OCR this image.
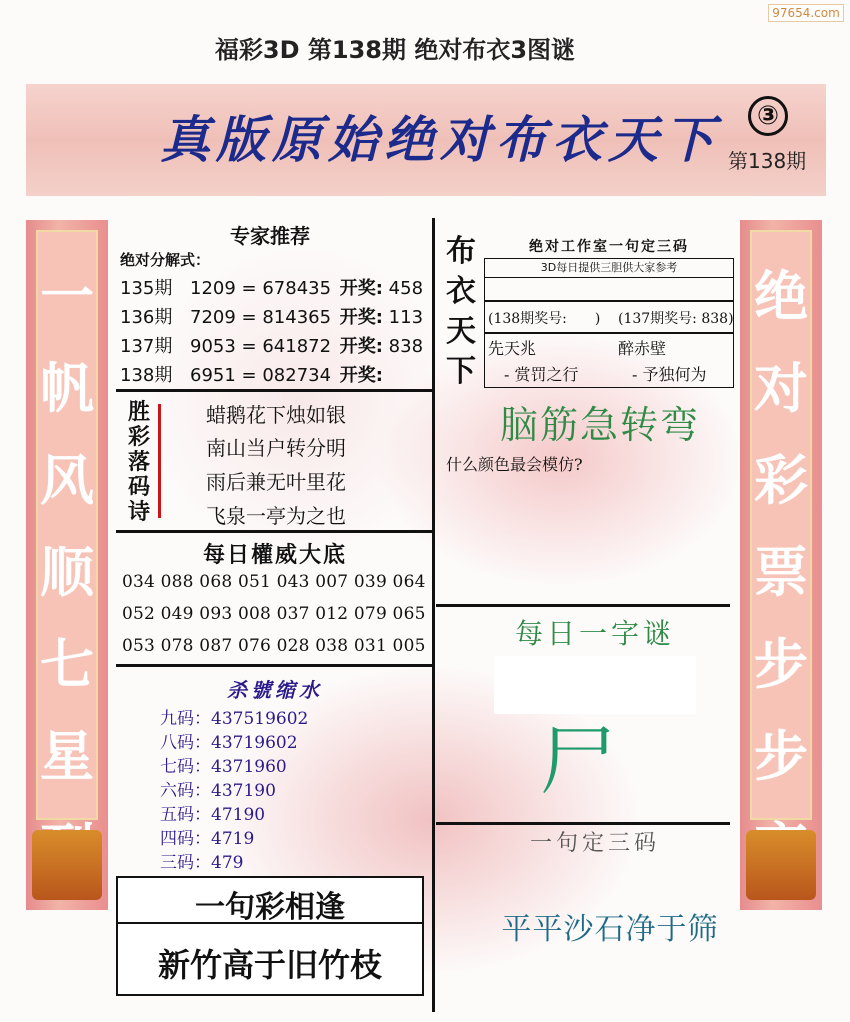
97654.com
福彩3D 第138期 绝对布衣3图谜
真版原始绝对布衣天下	③
第138期
一
帆
风
顺
七
星
绝
对
彩
票
步
步
专家推荐
绝对分解式：
135期 1209 = 678435 开奖: 458
136期 7209 = 814365 开奖: 113
137期 9053 = 641872 开奖: 838
138期 6951 = 082734 开奖:
胜彩落码诗
蜡鹅花下烛如银
南山当户转分明
雨后兼无叶里花
飞泉一亭为之也
每日權威大底
034 088 068 051 043 007 039 064
052 049 093 008 037 012 079 065
053 078 087 076 028 038 031 005
杀號缩水
九码：437519602
八码：43719602
七码：4371960
六码：437190
五码：47190
四码：4719
三码：479
一句彩相逢
新竹高于旧竹枝
布
衣
天
下
绝对工作室一句定三码
3D每日提供三胆供大家参考
(138期奖号:　　) (137期奖号: 838)
先天兆	醉赤壁
- 赏罚之行	- 予独何为
脑筋急转弯
什么颜色最会模仿?
每日一字谜
尸
一句定三码
平平沙石净于筛
